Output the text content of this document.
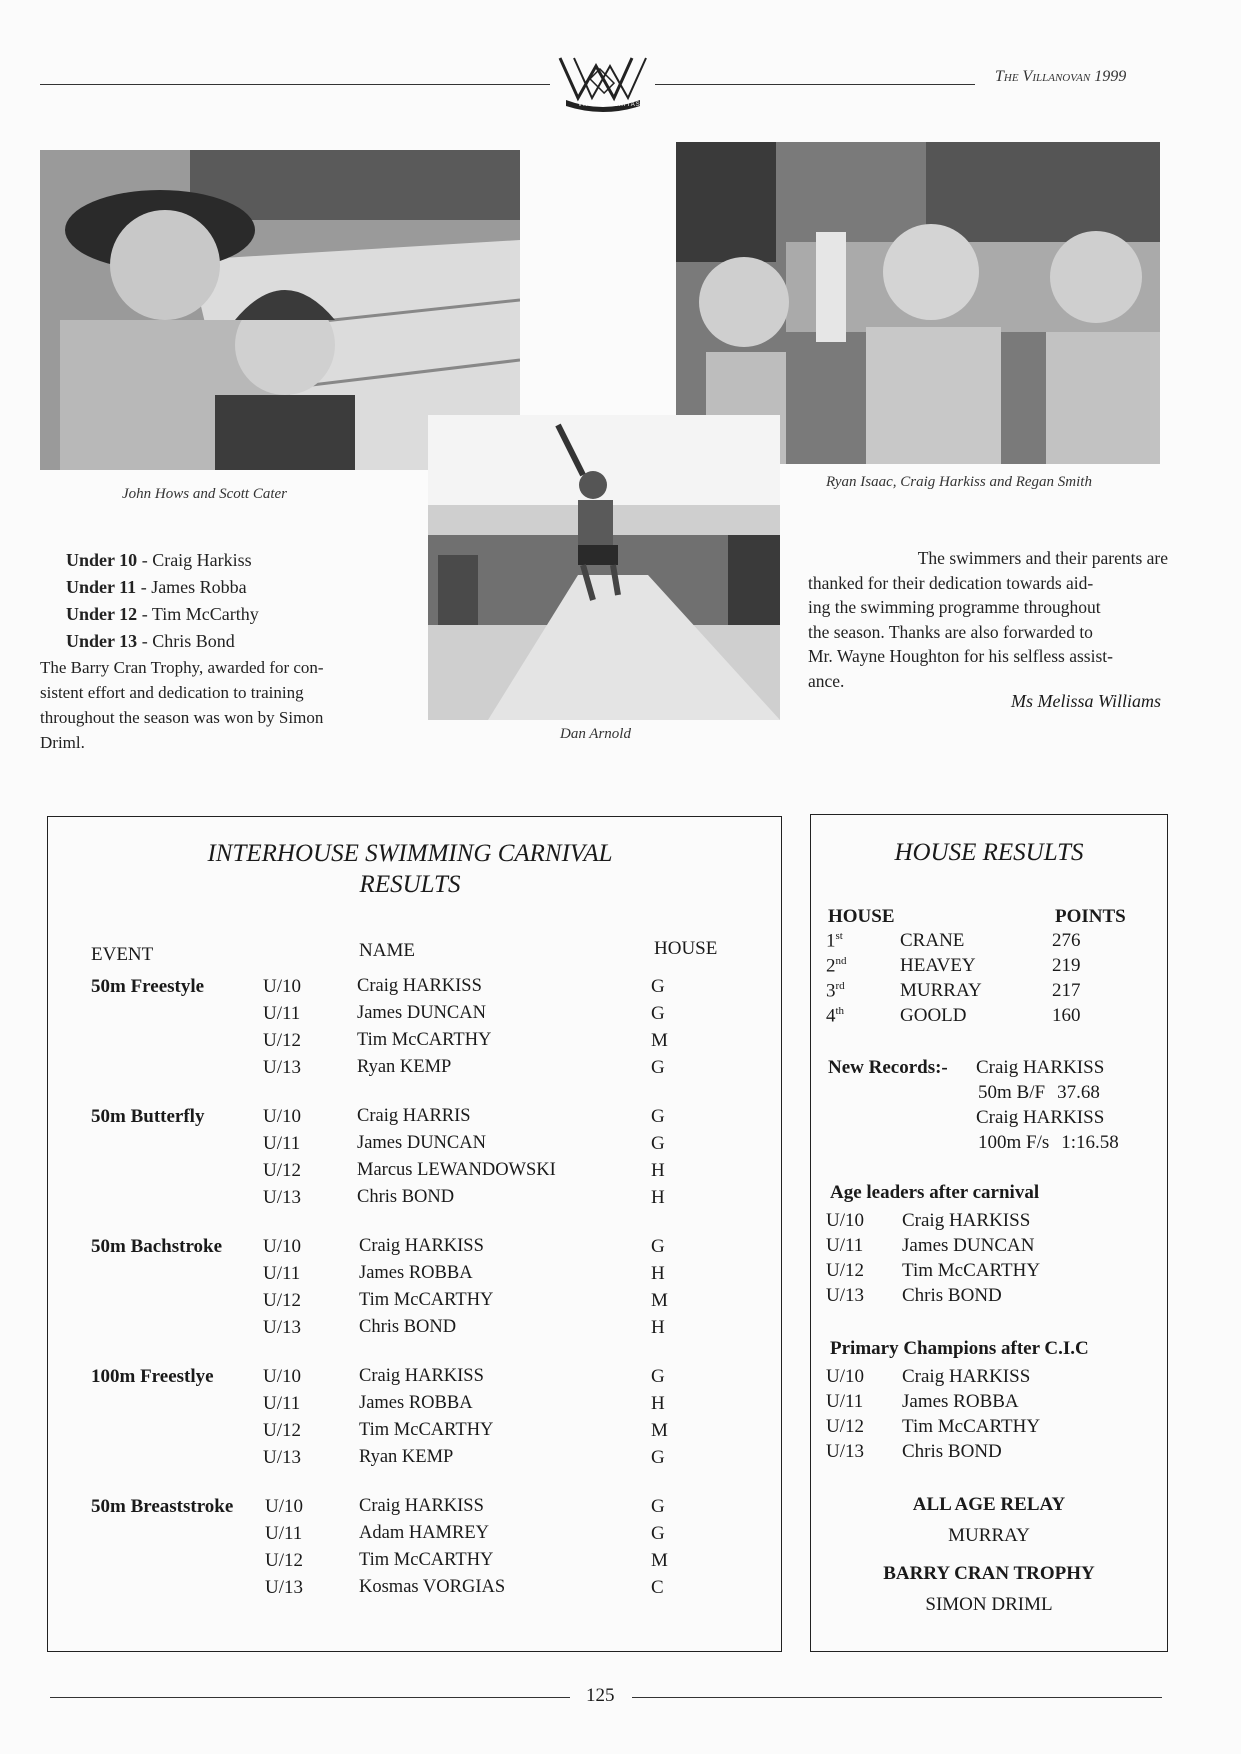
VIRTUS VERITAS
The Villanovan 1999
John Hows and Scott Cater
Ryan Isaac, Craig Harkiss and Regan Smith
Dan Arnold
Under 10 - Craig Harkiss
Under 11 - James Robba
Under 12 - Tim McCarthy
Under 13 - Chris Bond
The Barry Cran Trophy, awarded for con-
sistent effort and dedication to training
throughout the season was won by Simon
Driml.
The swimmers and their parents are
thanked for their dedication towards aid-
ing the swimming programme throughout
the season. Thanks are also forwarded to
Mr. Wayne Houghton for his selfless assist-
ance.
Ms Melissa Williams
INTERHOUSE SWIMMING CARNIVAL
RESULTS
EVENT	NAME	HOUSE
50m Freestyle	U/10	Craig HARKISS	G
U/11	James DUNCAN	G
U/12	Tim McCARTHY	M
U/13	Ryan KEMP	G
50m Butterfly	U/10	Craig HARRIS	G
U/11	James DUNCAN	G
U/12	Marcus LEWANDOWSKI	H
U/13	Chris BOND	H
50m Bachstroke U/10	Craig HARKISS	G
U/11	James ROBBA	H
U/12	Tim McCARTHY	M
U/13	Chris BOND	H
100m Freestlye	U/10	Craig HARKISS	G
U/11	James ROBBA	H
U/12	Tim McCARTHY	M
U/13	Ryan KEMP	G
50m Breaststroke U/10	Craig HARKISS	G
U/11	Adam HAMREY	G
U/12	Tim McCARTHY	M
U/13	Kosmas VORGIAS	C
HOUSE RESULTS
HOUSE	POINTS
1st	CRANE	276
2nd	HEAVEY	219
3rd	MURRAY	217
4th	GOOLD	160
New Records:- Craig HARKISS
50m B/F 37.68
Craig HARKISS
100m F/s 1:16.58
Age leaders after carnival
U/10 Craig HARKISS
U/11 James DUNCAN
U/12 Tim McCARTHY
U/13 Chris BOND
Primary Champions after C.I.C
U/10 Craig HARKISS
U/11 James ROBBA
U/12 Tim McCARTHY
U/13 Chris BOND
ALL AGE RELAY
MURRAY
BARRY CRAN TROPHY
SIMON DRIML
125
